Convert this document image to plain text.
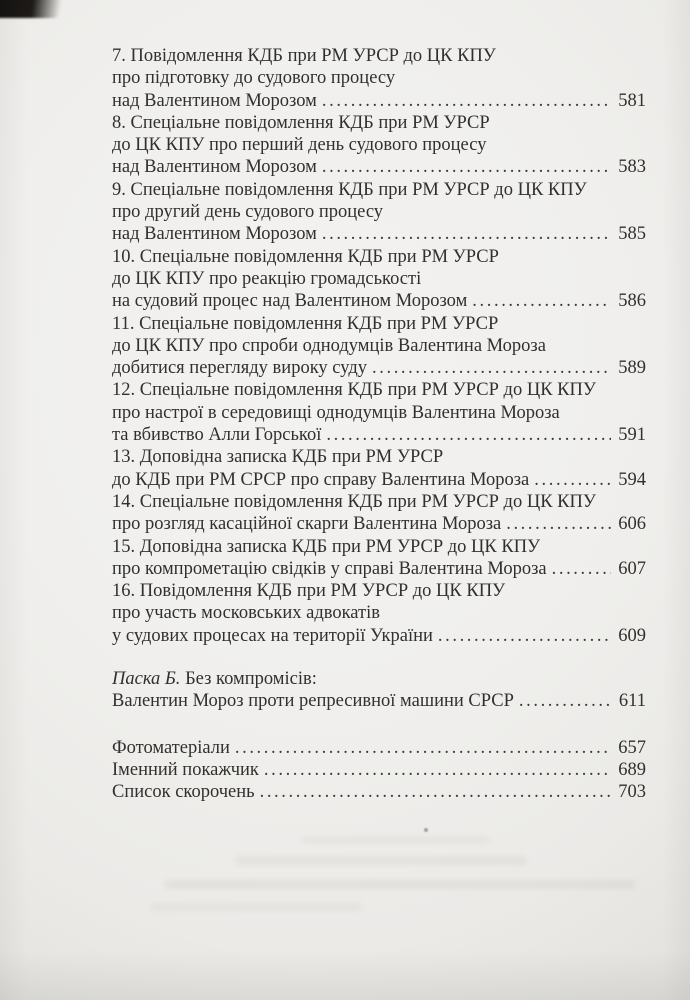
7. Повідомлення КДБ при РМ УРСР до ЦК КПУ
про підготовку до судового процесу
над Валентином Морозом .....	581
8. Спеціальне повідомлення КДБ при РМ УРСР
до ЦК КПУ про перший день судового процесу
над Валентином Морозом .....	583
9. Спеціальне повідомлення КДБ при РМ УРСР до ЦК КПУ
про другий день судового процесу
над Валентином Морозом .....	585
10. Спеціальне повідомлення КДБ при РМ УРСР
до ЦК КПУ про реакцію громадськості
на судовий процес над Валентином Морозом .....	586
11. Спеціальне повідомлення КДБ при РМ УРСР
до ЦК КПУ про спроби однодумців Валентина Мороза
добитися перегляду вироку суду .....	589
12. Спеціальне повідомлення КДБ при РМ УРСР до ЦК КПУ
про настрої в середовищі однодумців Валентина Мороза
та вбивство Алли Горської .....	591
13. Доповідна записка КДБ при РМ УРСР
до КДБ при РМ СРСР про справу Валентина Мороза .....	594
14. Спеціальне повідомлення КДБ при РМ УРСР до ЦК КПУ
про розгляд касаційної скарги Валентина Мороза .....	606
15. Доповідна записка КДБ при РМ УРСР до ЦК КПУ
про компрометацію свідків у справі Валентина Мороза .....	607
16. Повідомлення КДБ при РМ УРСР до ЦК КПУ
про участь московських адвокатів
у судових процесах на території України .....	609
Паска Б. Без компромісів:
Валентин Мороз проти репресивної машини СРСР .....	611
Фотоматеріали .....	657
Іменний покажчик .....	689
Список скорочень .....	703
